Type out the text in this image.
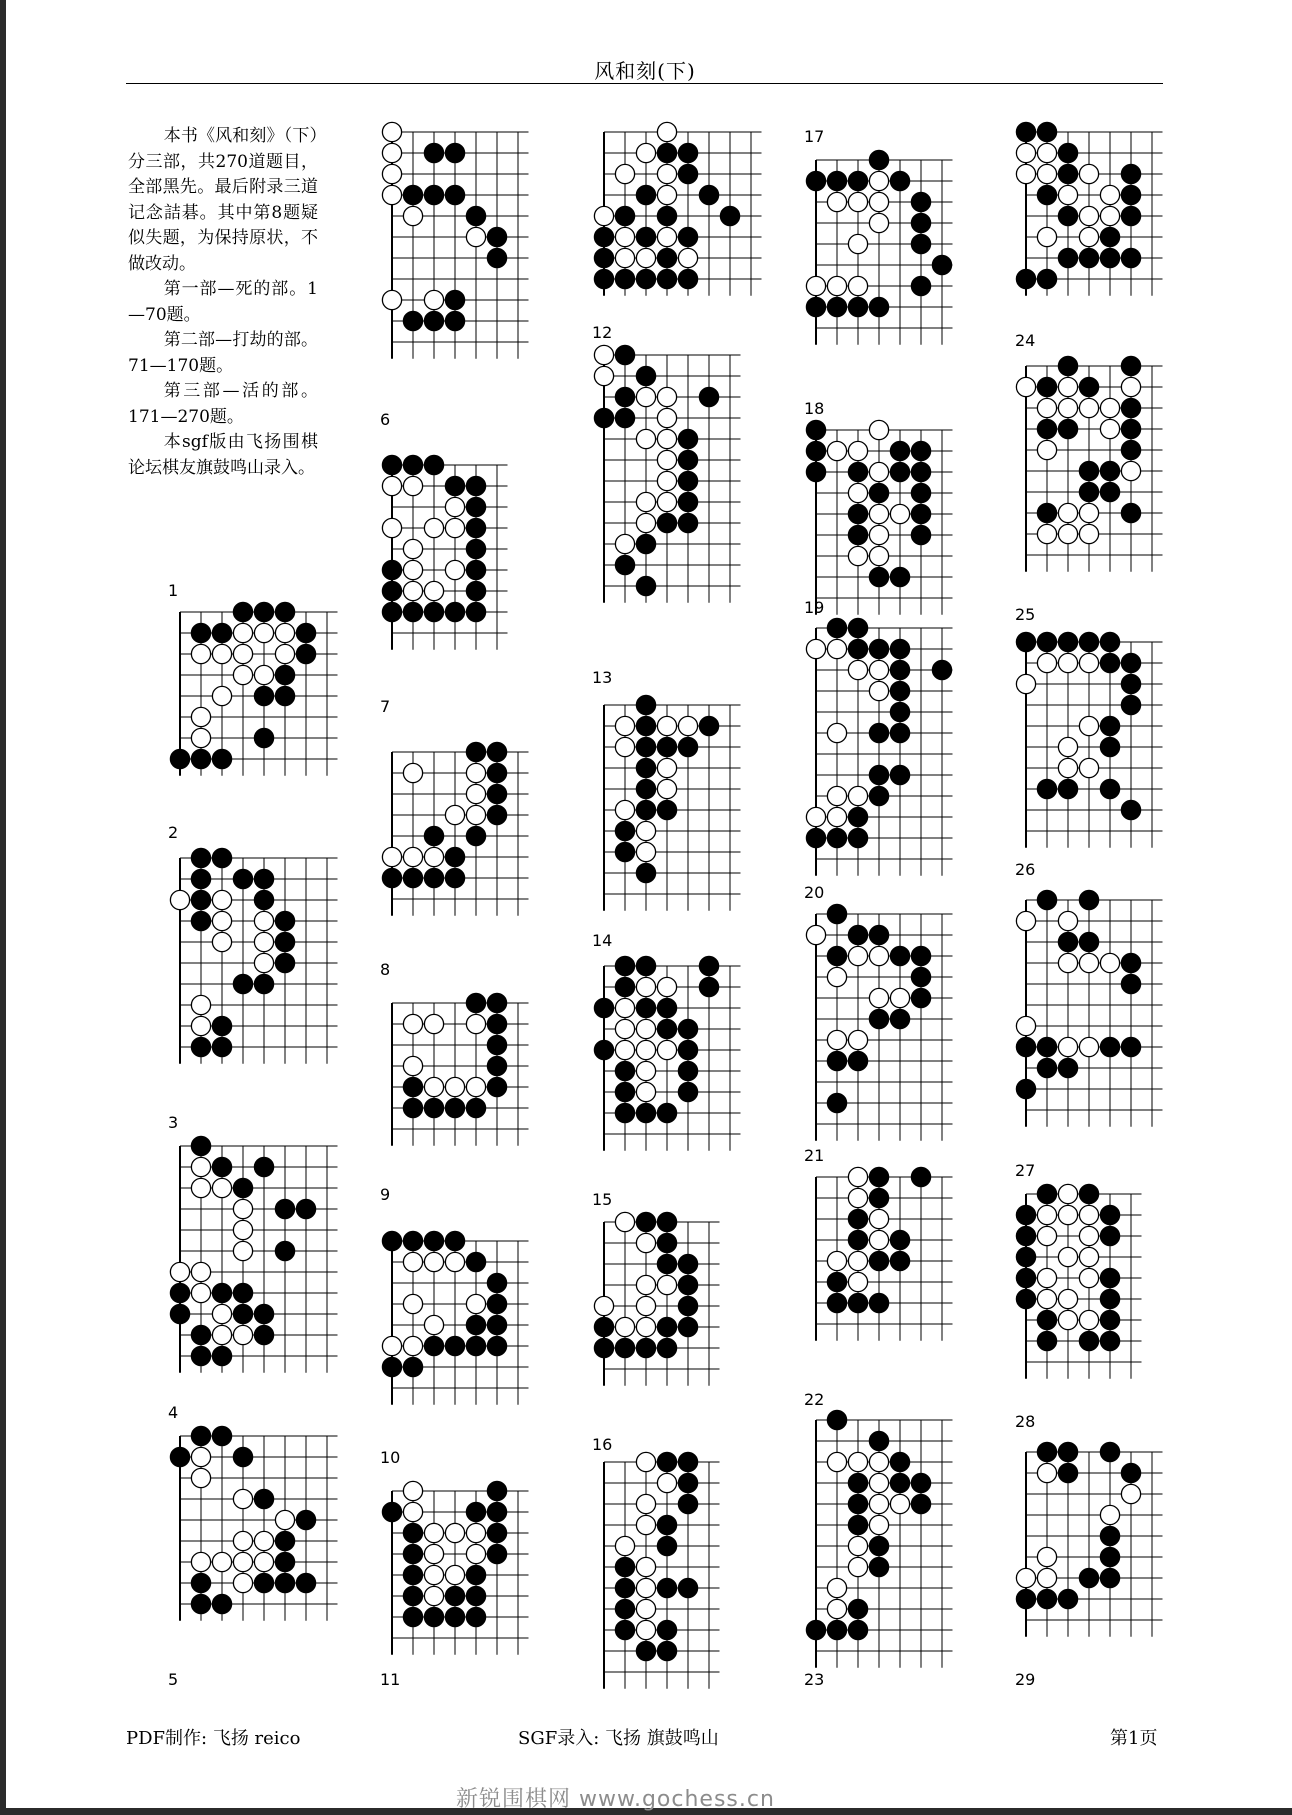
风和刻(下)

本书《风和刻》（下）分三部，共270道题目，全部黑先。最后附录三道记念詰碁。其中第8题疑似失题，为保持原状，不做改动。

第一部—死的部。1—70题。

第二部—打劫的部。71—170题。

第三部—活的部。171—270题。

本sgf版由飞扬围棋论坛棋友旗鼓鸣山录入。

1
2
3
4
5
6
7
8
9
10
11
12
13
14
15
16
17
18
19
20
21
22
23
24
25
26
27
28
29
PDF制作: 飞扬 reico	SGF录入: 飞扬 旗鼓鸣山	第1页
新锐围棋网 www.gochess.cn
